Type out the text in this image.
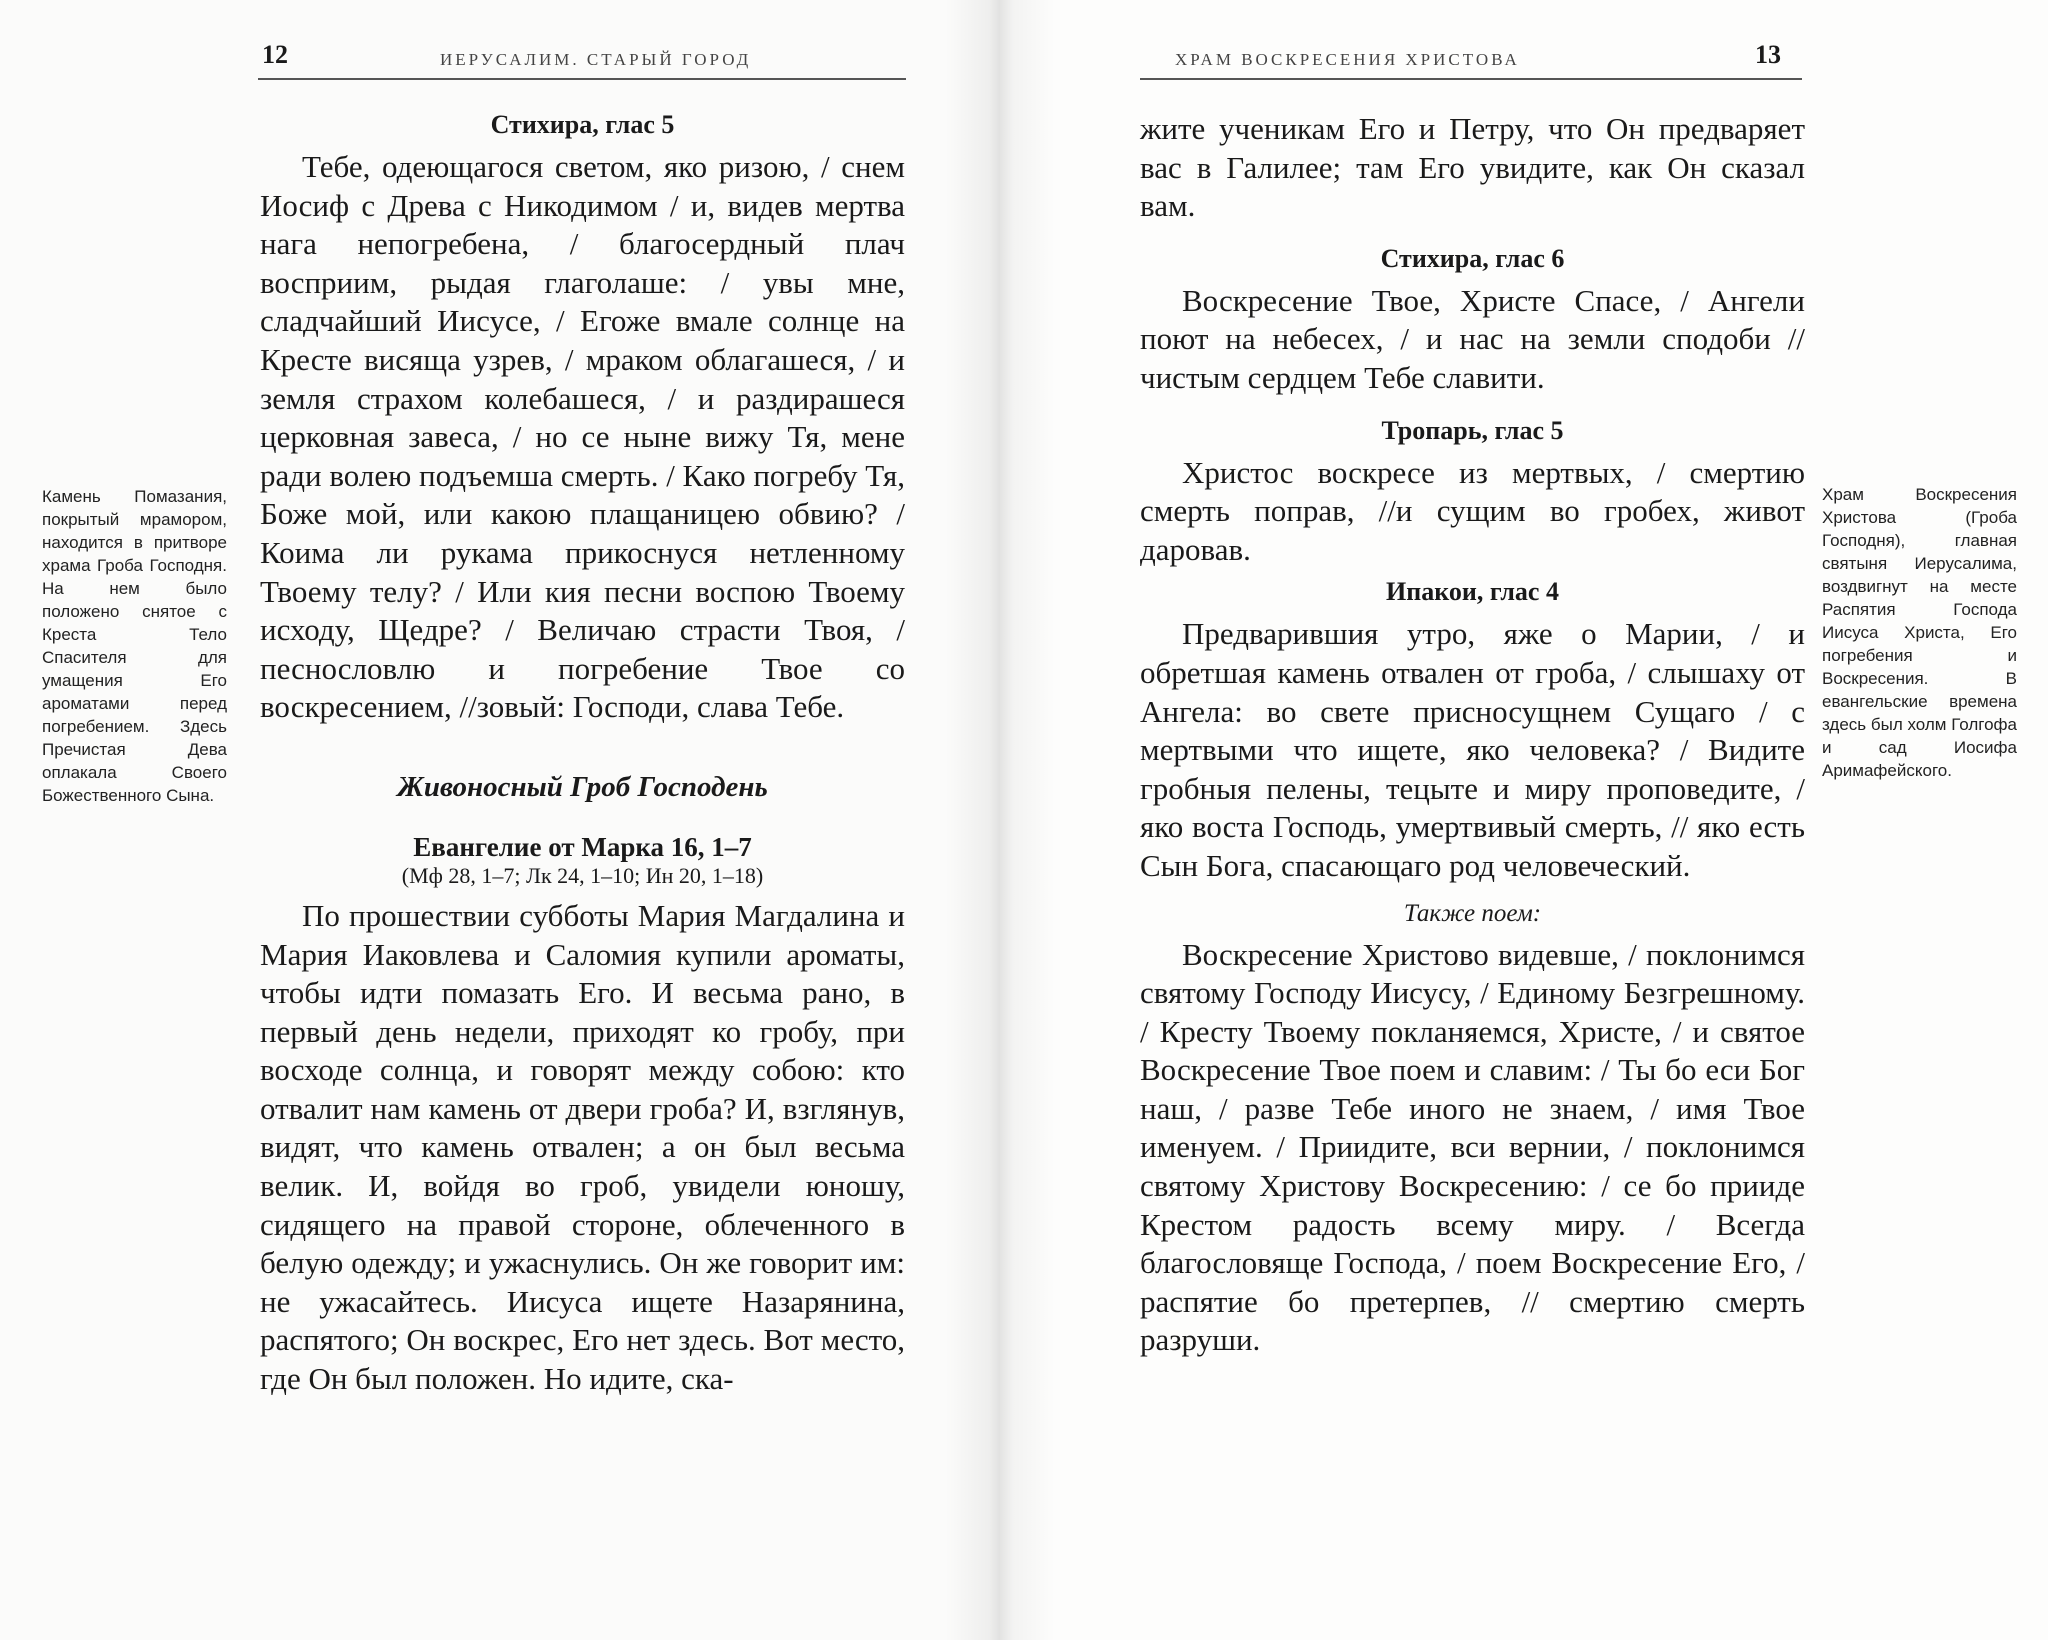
12	ИЕРУСАЛИМ. СТАРЫЙ ГОРОД
Камень Помазания, покрытый мрамором, находится в притворе храма Гроба Господня. На нем было положено снятое с Креста Тело Спасителя для умащения Его ароматами перед погребением. Здесь Пречистая Дева оплакала Своего Божественного Сына.

Стихира, глас 5

Тебе, одеющагося светом, яко ризою, / снем Иосиф с Древа с Никодимом / и, видев мертва нага непогребена, / благосердный плач восприим, рыдая глаголаше: / увы мне, сладчайший Иисусе, / Егоже вмале солнце на Кресте висяща узрев, / мраком облагашеся, / и земля страхом колебашеся, / и раздирашеся церковная завеса, / но се ныне вижу Тя, мене ради волею подъемша смерть. / Како погребу Тя, Боже мой, или какою плащаницею обвию? / Коима ли рукама прикоснуся нетленному Твоему телу? / Или кия песни воспою Твоему исходу, Щедре? / Величаю страсти Твоя, / песнословлю и погребение Твое со воскресением, //зовый: Господи, слава Тебе.

Живоносный Гроб Господень

Евангелие от Марка 16, 1–7

(Мф 28, 1–7; Лк 24, 1–10; Ин 20, 1–18)

По прошествии субботы Мария Магдалина и Мария Иаковлева и Саломия купили ароматы, чтобы идти помазать Его. И весьма рано, в первый день недели, приходят ко гробу, при восходе солнца, и говорят между собою: кто отвалит нам камень от двери гроба? И, взглянув, видят, что камень отвален; а он был весьма велик. И, войдя во гроб, увидели юношу, сидящего на правой стороне, облеченного в белую одежду; и ужаснулись. Он же говорит им: не ужасайтесь. Иисуса ищете Назарянина, распятого; Он воскрес, Его нет здесь. Вот место, где Он был положен. Но идите, ска-

ХРАМ ВОСКРЕСЕНИЯ ХРИСТОВА	13

жите ученикам Его и Петру, что Он предваряет вас в Галилее; там Его увидите, как Он сказал вам.

Стихира, глас 6

Воскресение Твое, Христе Спасе, / Ангели поют на небесех, / и нас на земли сподоби //чистым сердцем Тебе славити.

Тропарь, глас 5

Христос воскресе из мертвых, / смертию смерть поправ, //и сущим во гробех, живот даровав.

Ипакои, глас 4

Предварившия утро, яже о Марии, / и обретшая камень отвален от гроба, / слышаху от Ангела: во свете присносущнем Сущаго / с мертвыми что ищете, яко человека? / Видите гробныя пелены, тецыте и миру проповедите, / яко воста Господь, умертвивый смерть, // яко есть Сын Бога, спасающаго род человеческий.

Также поем:

Воскресение Христово видевше, / поклонимся святому Господу Иисусу, / Единому Безгрешному. / Кресту Твоему покланяемся, Христе, / и святое Воскресение Твое поем и славим: / Ты бо еси Бог наш, / разве Тебе иного не знаем, / имя Твое именуем. / Приидите, вси вернии, / поклонимся святому Христову Воскресению: / се бо прииде Крестом радость всему миру. / Всегда благословяще Господа, / поем Воскресение Его, / распятие бо претерпев, // смертию смерть разруши.

Храм Воскресения Христова (Гроба Господня), главная святыня Иерусалима, воздвигнут на месте Распятия Господа Иисуса Христа, Его погребения и Воскресения. В евангельские времена здесь был холм Голгофа и сад Иосифа Аримафейского.
